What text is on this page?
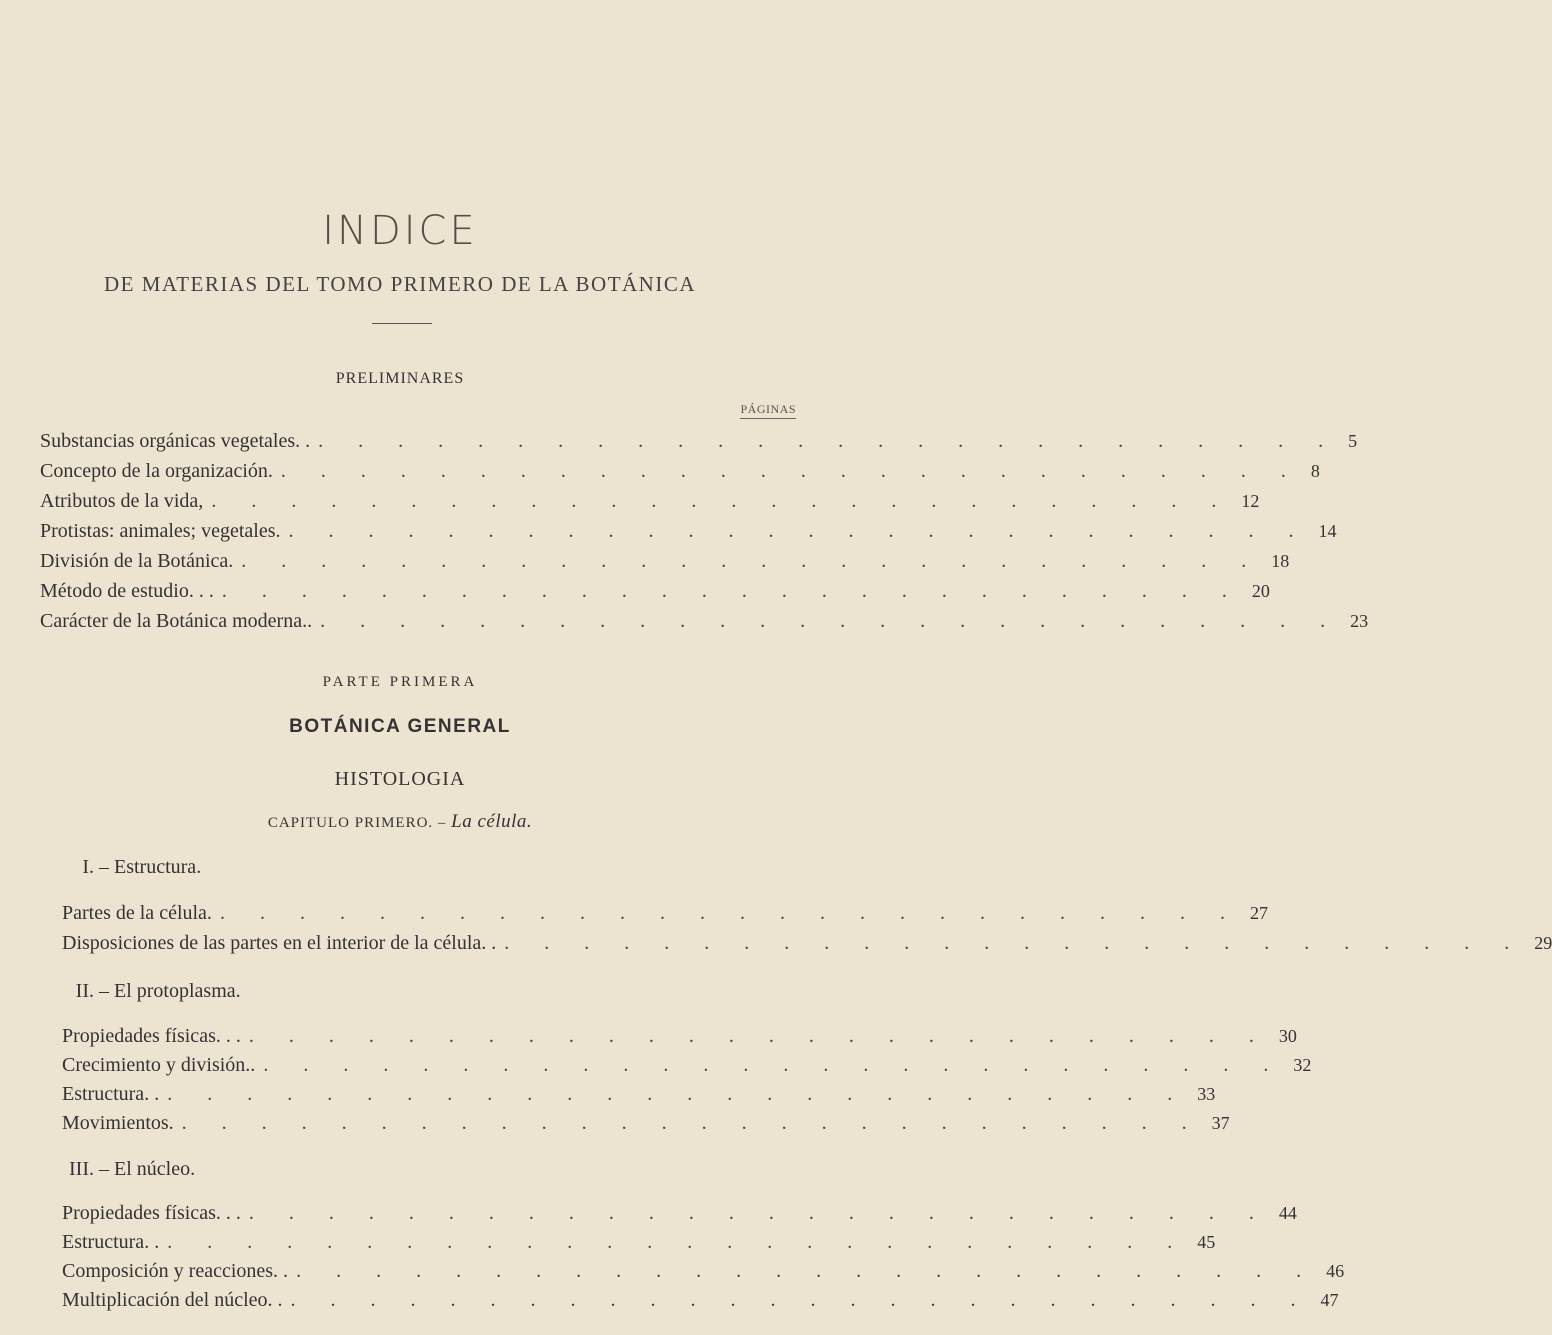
INDICE
DE MATERIAS DEL TOMO PRIMERO DE LA BOTÁNICA
PRELIMINARES
PÁGINAS
Substancias orgánicas vegetales. . . . . . . . . . . . . . . . . . . . . . . . . . . . 5
Concepto de la organización. . . . . . . . . . . . . . . . . . . . . . . . . . . 8
Atributos de la vida, . . . . . . . . . . . . . . . . . . . . . . . . . . 12
Protistas: animales; vegetales. . . . . . . . . . . . . . . . . . . . . . . . . . . 14
División de la Botánica. . . . . . . . . . . . . . . . . . . . . . . . . . . 18
Método de estudio. . . . . . . . . . . . . . . . . . . . . . . . . . . . . 20
Carácter de la Botánica moderna.. . . . . . . . . . . . . . . . . . . . . . . . . . . 23
PARTE PRIMERA
BOTÁNICA GENERAL
HISTOLOGIA
CAPITULO PRIMERO. – La célula.
I. – Estructura.
Partes de la célula. . . . . . . . . . . . . . . . . . . . . . . . . . . 27
Disposiciones de las partes en el interior de la célula. . . . . . . . . . . . . . . . . . . . . . . . . . . . 29
II. – El protoplasma.
Propiedades físicas. . . . . . . . . . . . . . . . . . . . . . . . . . . . . 30
Crecimiento y división.. . . . . . . . . . . . . . . . . . . . . . . . . . . 32
Estructura. . . . . . . . . . . . . . . . . . . . . . . . . . . . 33
Movimientos. . . . . . . . . . . . . . . . . . . . . . . . . . . 37
III. – El núcleo.
Propiedades físicas. . . . . . . . . . . . . . . . . . . . . . . . . . . . . 44
Estructura. . . . . . . . . . . . . . . . . . . . . . . . . . . . 45
Composición y reacciones. . . . . . . . . . . . . . . . . . . . . . . . . . . . 46
Multiplicación del núcleo. . . . . . . . . . . . . . . . . . . . . . . . . . . . 47
